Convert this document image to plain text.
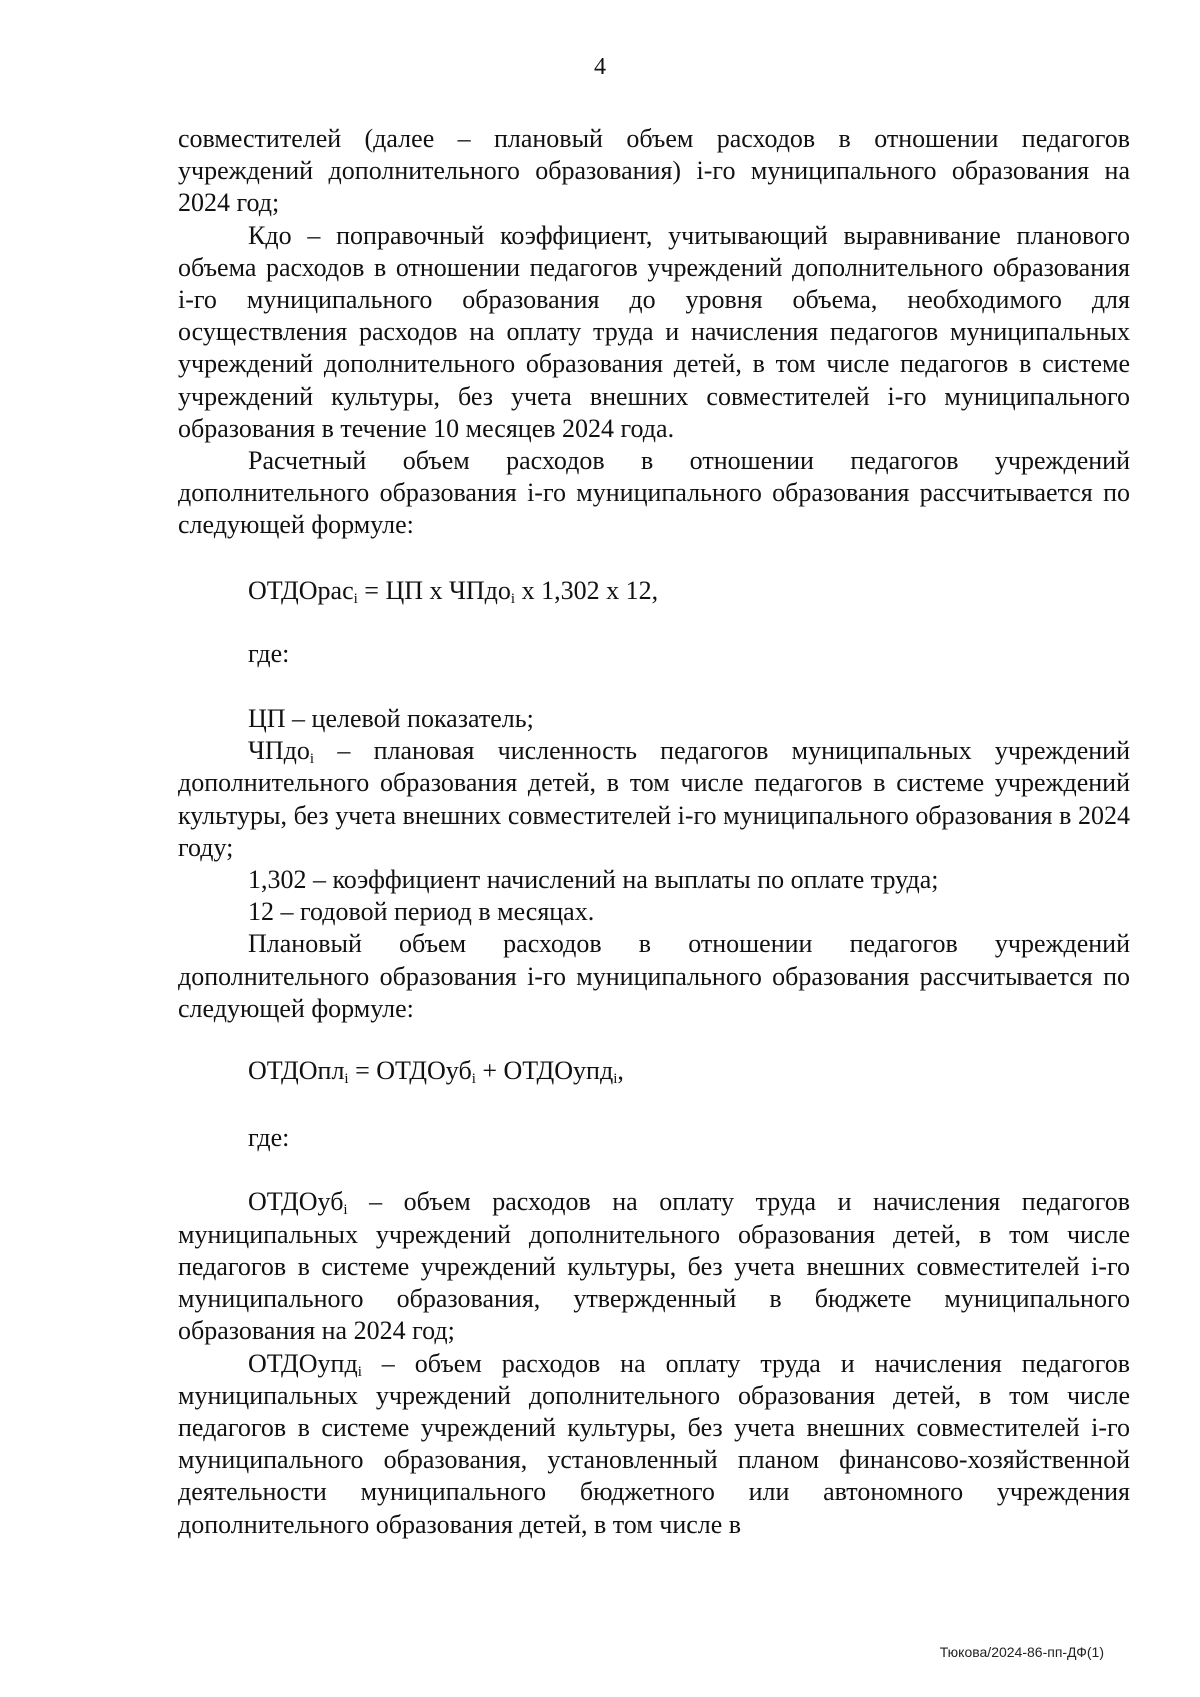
4

совместителей (далее – плановый объем расходов в отношении педагогов учреждений дополнительного образования) i-го муниципального образования на 2024 год;

Кдо – поправочный коэффициент, учитывающий выравнивание планового объема расходов в отношении педагогов учреждений дополнительного образования i-го муниципального образования до уровня объема, необходимого для осуществления расходов на оплату труда и начисления педагогов муниципальных учреждений дополнительного образования детей, в том числе педагогов в системе учреждений культуры, без учета внешних совместителей i-го муниципального образования в течение 10 месяцев 2024 года.

Расчетный объем расходов в отношении педагогов учреждений дополнительного образования i-го муниципального образования рассчитывается по следующей формуле:

ОТДОрас$_i$ = ЦП х ЧПдо$_i$ х 1,302 х 12,

где:

ЦП – целевой показатель;

ЧПдо$_i$ – плановая численность педагогов муниципальных учреждений дополнительного образования детей, в том числе педагогов в системе учреждений культуры, без учета внешних совместителей i-го муниципального образования в 2024 году;

1,302 – коэффициент начислений на выплаты по оплате труда;

12 – годовой период в месяцах.

Плановый объем расходов в отношении педагогов учреждений дополнительного образования i-го муниципального образования рассчитывается по следующей формуле:

ОТДОпл$_i$ = ОТДОуб$_i$ + ОТДОупд$_i$,

где:

ОТДОуб$_i$ – объем расходов на оплату труда и начисления педагогов муниципальных учреждений дополнительного образования детей, в том числе педагогов в системе учреждений культуры, без учета внешних совместителей i-го муниципального образования, утвержденный в бюджете муниципального образования на 2024 год;

ОТДОупд$_i$ – объем расходов на оплату труда и начисления педагогов муниципальных учреждений дополнительного образования детей, в том числе педагогов в системе учреждений культуры, без учета внешних совместителей i-го муниципального образования, установленный планом финансово-хозяйственной деятельности муниципального бюджетного или автономного учреждения дополнительного образования детей, в том числе в

Тюкова/2024-86-пп-ДФ(1)
